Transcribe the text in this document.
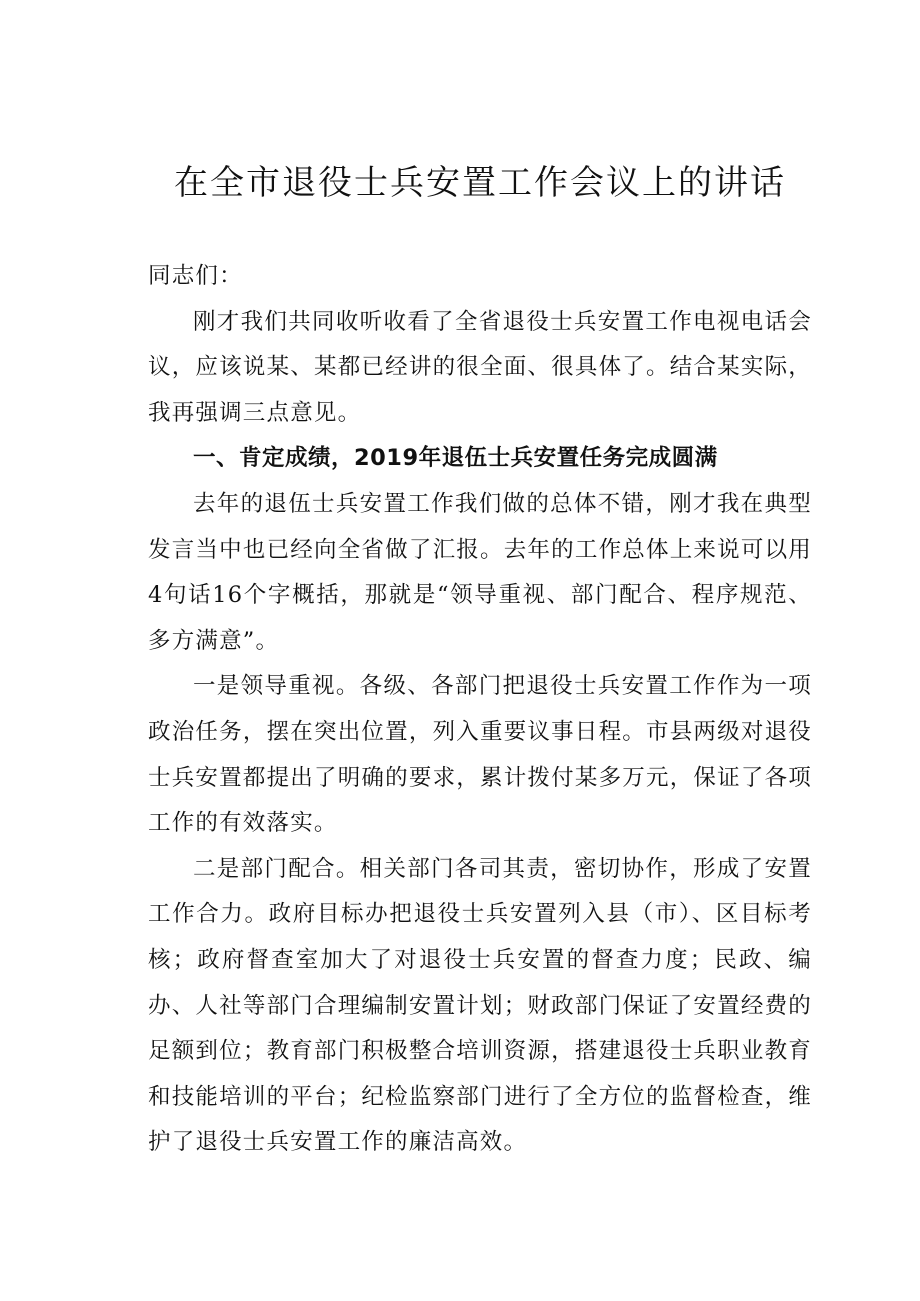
在全市退役士兵安置工作会议上的讲话

同志们：

刚才我们共同收听收看了全省退役士兵安置工作电视电话会议，应该说某、某都已经讲的很全面、很具体了。结合某实际，我再强调三点意见。

一、肯定成绩，2019年退伍士兵安置任务完成圆满

去年的退伍士兵安置工作我们做的总体不错，刚才我在典型发言当中也已经向全省做了汇报。去年的工作总体上来说可以用4句话16个字概括，那就是“领导重视、部门配合、程序规范、多方满意”。

一是领导重视。各级、各部门把退役士兵安置工作作为一项政治任务，摆在突出位置，列入重要议事日程。市县两级对退役士兵安置都提出了明确的要求，累计拨付某多万元，保证了各项工作的有效落实。

二是部门配合。相关部门各司其责，密切协作，形成了安置工作合力。政府目标办把退役士兵安置列入县（市）、区目标考核；政府督查室加大了对退役士兵安置的督查力度；民政、编办、人社等部门合理编制安置计划；财政部门保证了安置经费的足额到位；教育部门积极整合培训资源，搭建退役士兵职业教育和技能培训的平台；纪检监察部门进行了全方位的监督检查，维护了退役士兵安置工作的廉洁高效。
